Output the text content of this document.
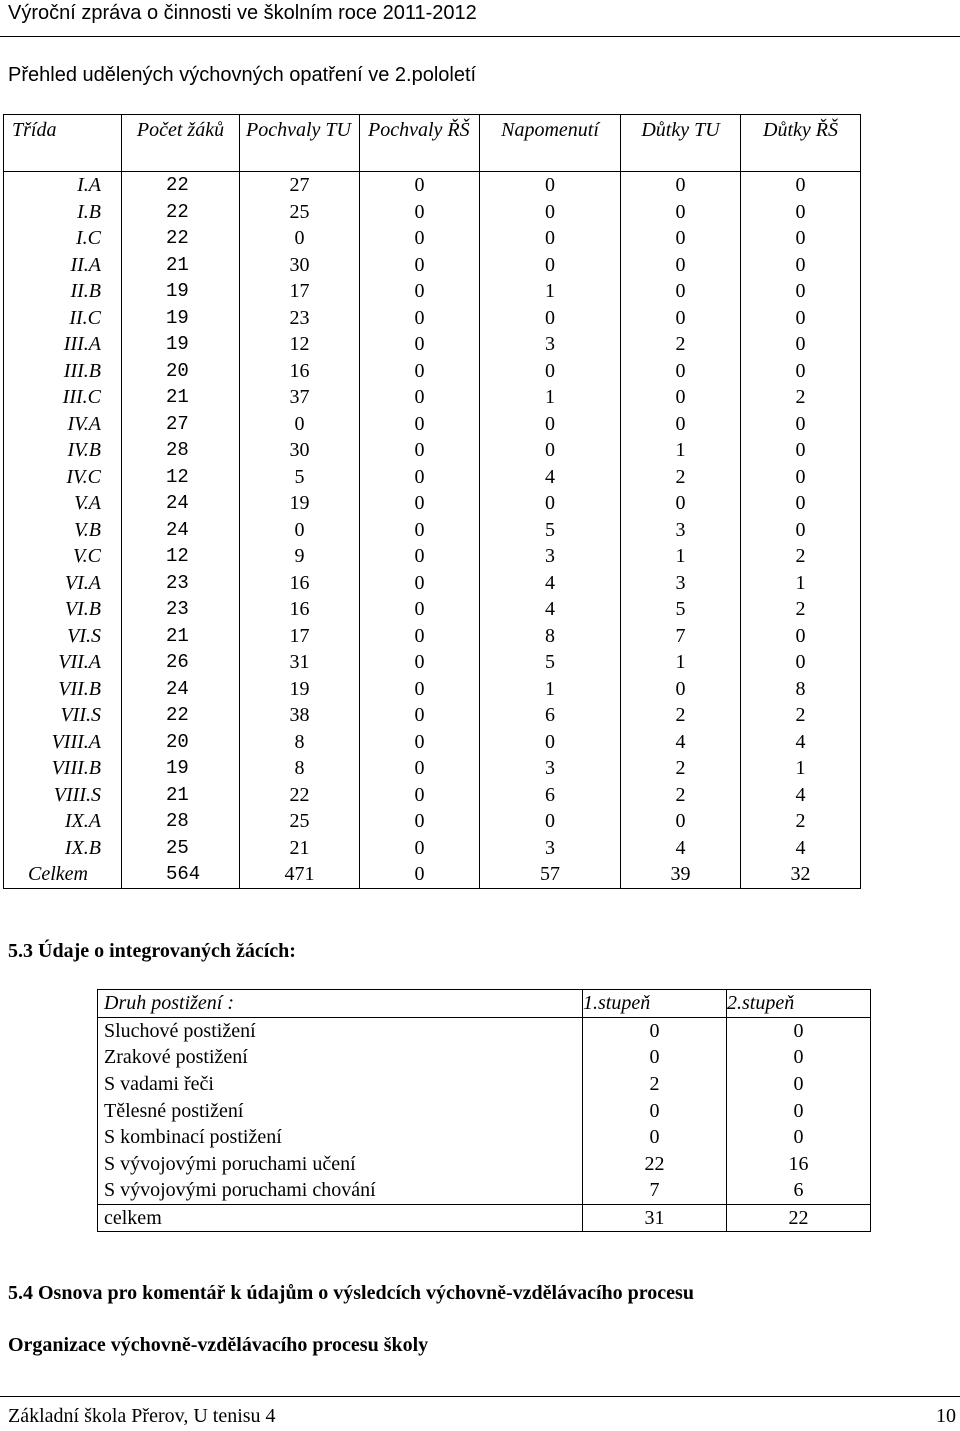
Výroční zpráva o činnosti ve školním roce 2011-2012
Přehled udělených výchovných opatření ve 2.pololetí
Třída	Počet žáků	Pochvaly TU	Pochvaly ŘŠ	Napomenutí	Důtky TU	Důtky ŘŠ
I.A	22	27	0	0	0	0
I.B	22	25	0	0	0	0
I.C	22	0	0	0	0	0
II.A	21	30	0	0	0	0
II.B	19	17	0	1	0	0
II.C	19	23	0	0	0	0
III.A	19	12	0	3	2	0
III.B	20	16	0	0	0	0
III.C	21	37	0	1	0	2
IV.A	27	0	0	0	0	0
IV.B	28	30	0	0	1	0
IV.C	12	5	0	4	2	0
V.A	24	19	0	0	0	0
V.B	24	0	0	5	3	0
V.C	12	9	0	3	1	2
VI.A	23	16	0	4	3	1
VI.B	23	16	0	4	5	2
VI.S	21	17	0	8	7	0
VII.A	26	31	0	5	1	0
VII.B	24	19	0	1	0	8
VII.S	22	38	0	6	2	2
VIII.A	20	8	0	0	4	4
VIII.B	19	8	0	3	2	1
VIII.S	21	22	0	6	2	4
IX.A	28	25	0	0	0	2
IX.B	25	21	0	3	4	4
Celkem	564	471	0	57	39	32
5.3 Údaje o integrovaných žácích:
Druh postižení :	1.stupeň	2.stupeň
Sluchové postižení	0	0
Zrakové postižení	0	0
S vadami řeči	2	0
Tělesné postižení	0	0
S kombinací postižení	0	0
S vývojovými poruchami učení	22	16
S vývojovými poruchami chování	7	6
celkem	31	22
5.4 Osnova pro komentář k údajům o výsledcích výchovně-vzdělávacího procesu
Organizace výchovně-vzdělávacího procesu školy
Základní škola Přerov, U tenisu 4	10
